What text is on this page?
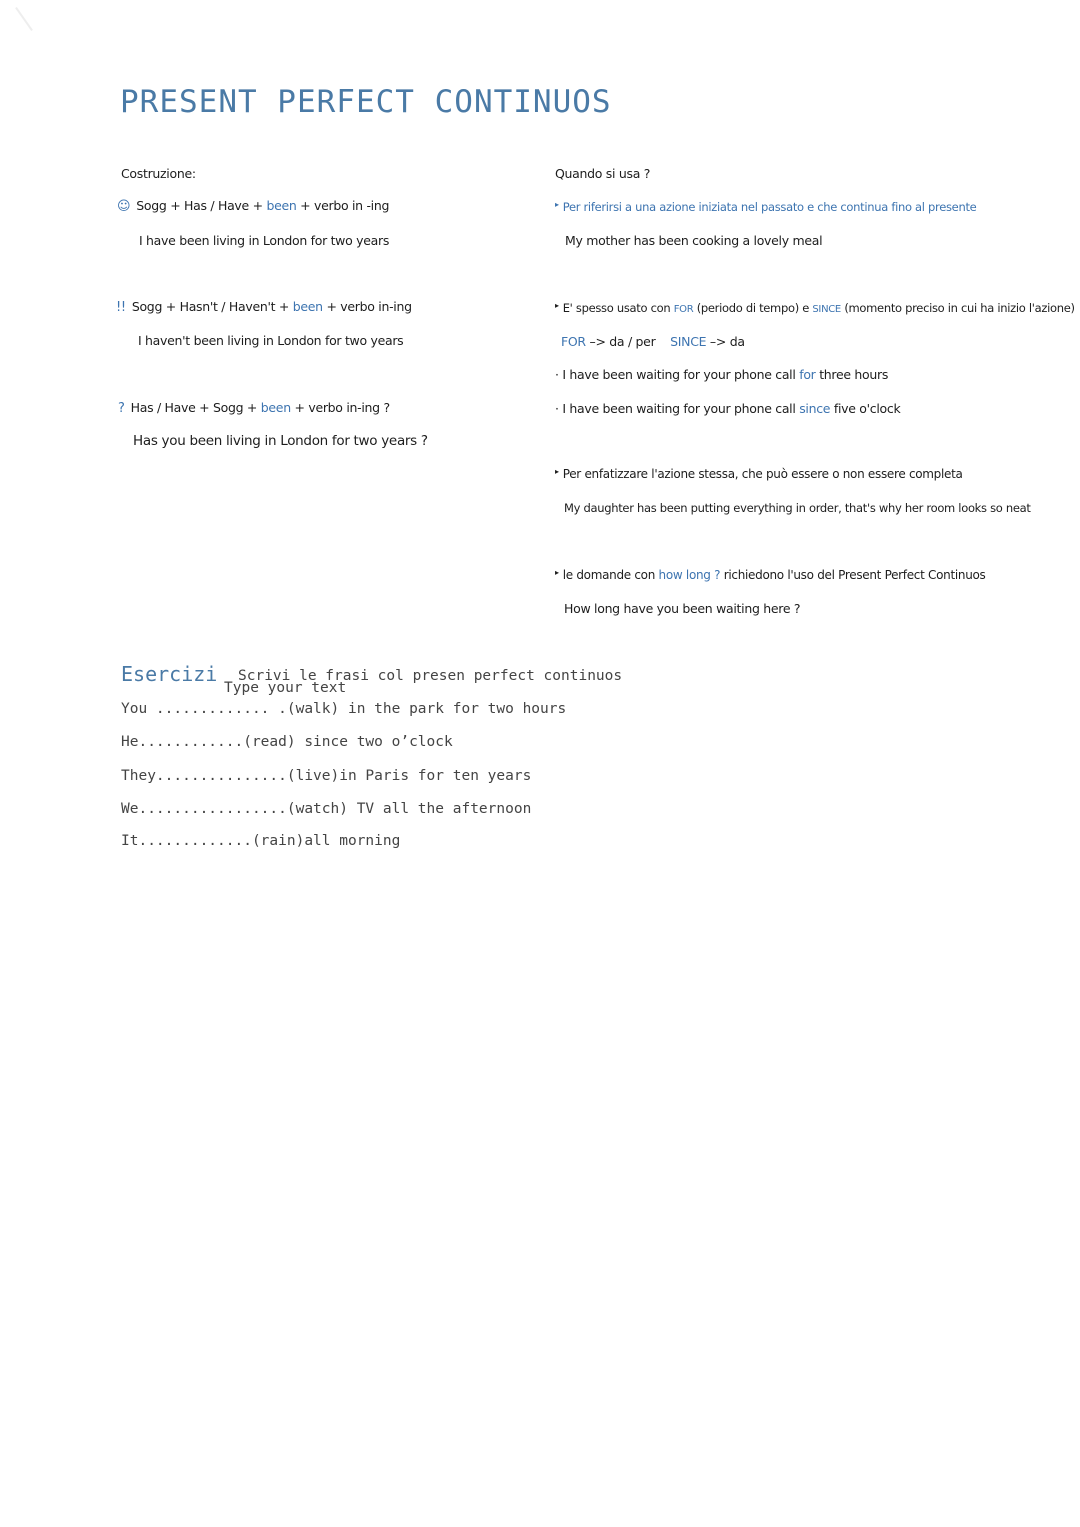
PRESENT PERFECT CONTINUOS
Costruzione:
☺ Sogg + Has / Have + been + verbo in -ing
I have been living in London for two years
!! Sogg + Hasn't / Haven't + been + verbo in-ing
I haven't been living in London for two years
? Has / Have + Sogg + been + verbo in-ing ?
Has you been living in London for two years ?
Quando si usa ?
▸ Per riferirsi a una azione iniziata nel passato e che continua fino al presente
My mother has been cooking a lovely meal
▸ E' spesso usato con FOR (periodo di tempo) e SINCE (momento preciso in cui ha inizio l'azione)
FOR –> da / per SINCE –> da
· I have been waiting for your phone call for three hours
· I have been waiting for your phone call since five o'clock
▸ Per enfatizzare l'azione stessa, che può essere o non essere completa
My daughter has been putting everything in order, that's why her room looks so neat
▸ le domande con how long ? richiedono l'uso del Present Perfect Continuos
How long have you been waiting here ?
Esercizi Scrivi le frasi col presen perfect continuos
Type your text
You ............. .(walk) in the park for two hours
He............(read) since two o’clock
They...............(live)in Paris for ten years
We.................(watch) TV all the afternoon
It.............(rain)all morning
